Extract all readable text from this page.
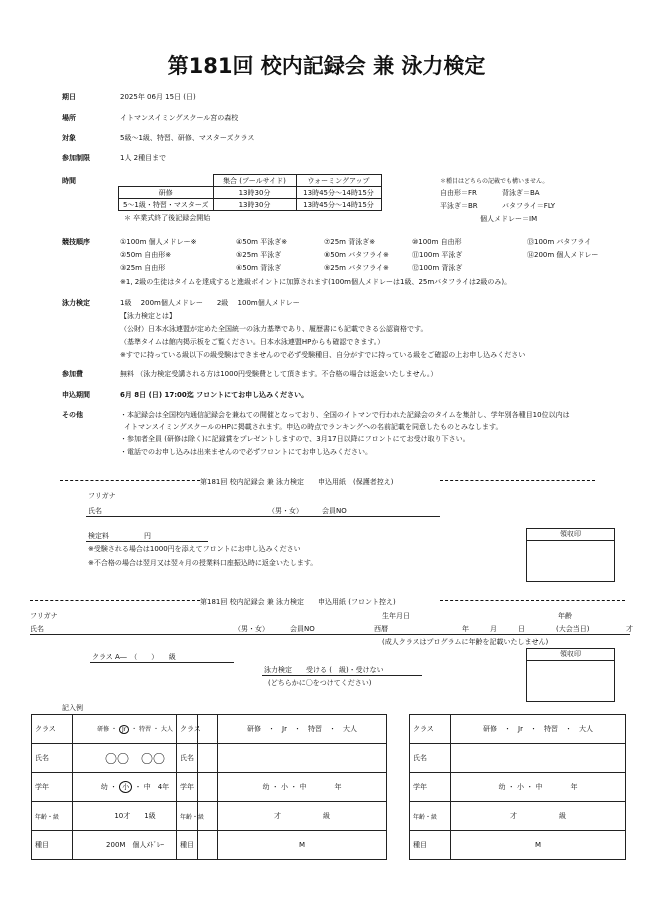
第181回 校内記録会 兼 泳力検定
期日	2025年 06月 15日 (日)
場所	イトマンスイミングスクール宮の森校
対象	5級～1級、特習、研修、マスターズクラス
参加制限	1人 2種目まで
時間
		集合 (プールサイド)	ウォーミングアップ
研修	13時30分	13時45分～14時15分
5～1級・特習・マスターズ	13時30分	13時45分～14時15分
＊ 卒業式終了後記録会開始
＊種目はどちらの記載でも構いません。
自由形＝FR	背泳ぎ＝BA
平泳ぎ＝BR	バタフライ＝FLY
個人メドレー＝IM
競技順序	①100m 個人メドレー※	④50m 平泳ぎ※	⑦25m 背泳ぎ※	⑩100m 自由形	⑬100m バタフライ
②50m 自由形※	⑤25m 平泳ぎ	⑧50m バタフライ※	⑪100m 平泳ぎ	⑭200m 個人メドレー
③25m 自由形	⑥50m 背泳ぎ	⑨25m バタフライ※	⑫100m 背泳ぎ
※1, 2級の生徒はタイムを達成すると進級ポイントに加算されます(100m個人メドレーは1級、25mバタフライは2級のみ)。
泳力検定	1級　 200m個人メドレー　　2級　 100m個人メドレー
【泳力検定とは】
（公財）日本水泳連盟が定めた全国統一の泳力基準であり、履歴書にも記載できる公認資格です。
（基準タイムは館内掲示板をご覧ください。日本水泳連盟HPからも確認できます。）
※すでに持っている級以下の級受験はできませんので必ず受験種目、自分がすでに持っている級をご確認の上お申し込みください
参加費	無料 （泳力検定受講される方は1000円受験費として頂きます。不合格の場合は返金いたしません。）
申込期間	6月 8日 (日) 17:00迄 フロントにてお申し込みください。
その他	・本記録会は全国校内通信記録会を兼ねての開催となっており、全国のイトマンで行われた記録会のタイムを集計し、学年別各種目10位以内は
イトマンスイミングスクールのHPに掲載されます。申込の時点でランキングへの名前記載を同意したものとみなします。
・参加者全員 (研修は除く)に記録賞をプレゼントしますので、3月17日以降にフロントにてお受け取り下さい。
・電話でのお申し込みは出来ませんので必ずフロントにてお申し込みください。
第181回 校内記録会 兼 泳力検定　　申込用紙　(保護者控え)
フリガナ
氏名	（男・女）	会員NO
検定料　　　　　円
※受験される場合は1000円を添えてフロントにお申し込みください
※不合格の場合は翌月又は翌々月の授業料口座振込時に返金いたします。
領収印
第181回 校内記録会 兼 泳力検定　　申込用紙 (フロント控え)
フリガナ
氏名	（男・女）	会員NO
生年月日
西暦	年	月	日
年齢
(大会当日)	才
(成人クラスはプログラムに年齢を記載いたしません)
クラス A―　（　　）　　級
泳力検定　　受ける (　級)・受けない
(どちらかに〇をつけてください)
領収印
記入例
クラス	研修 ・ Jr ・ 特習 ・ 大人
氏名	〇〇　〇〇
学年	幼 ・ 小 ・ 中　4年
年齢・級	10才　　1級
種目	200M　個人ﾒﾄﾞﾚｰ
クラス	研修　・　Jr　・　特習　・　大人
氏名	
学年	幼 ・ 小 ・ 中　　　　年
年齢・級	才　　　　　　級
種目	M
クラス	研修　・　Jr　・　特習　・　大人
氏名	
学年	幼 ・ 小 ・ 中　　　　年
年齢・級	才　　　　　　級
種目	M
